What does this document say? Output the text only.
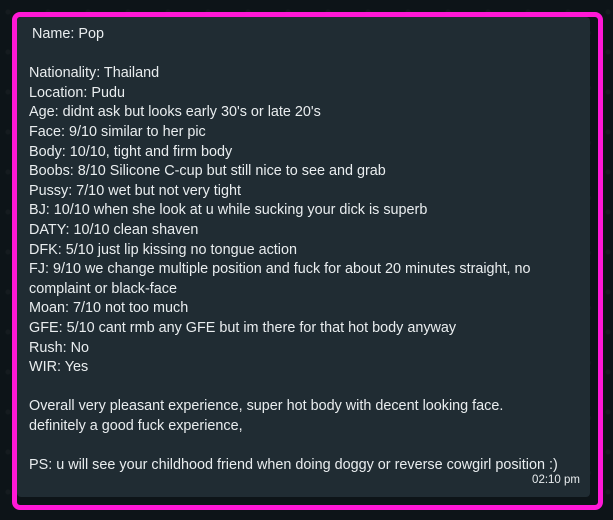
Name: Pop
Nationality: Thailand
Location: Pudu
Age: didnt ask but looks early 30's or late 20's
Face: 9/10 similar to her pic
Body: 10/10, tight and firm body
Boobs: 8/10 Silicone C-cup but still nice to see and grab
Pussy: 7/10 wet but not very tight
BJ: 10/10 when she look at u while sucking your dick is superb
DATY: 10/10 clean shaven
DFK: 5/10 just lip kissing no tongue action
FJ: 9/10 we change multiple position and fuck for about 20 minutes straight, no
complaint or black-face
Moan: 7/10 not too much
GFE: 5/10 cant rmb any GFE but im there for that hot body anyway
Rush: No
WIR: Yes
Overall very pleasant experience, super hot body with decent looking face.
definitely a good fuck experience,
PS: u will see your childhood friend when doing doggy or reverse cowgirl position :)
02:10 pm
